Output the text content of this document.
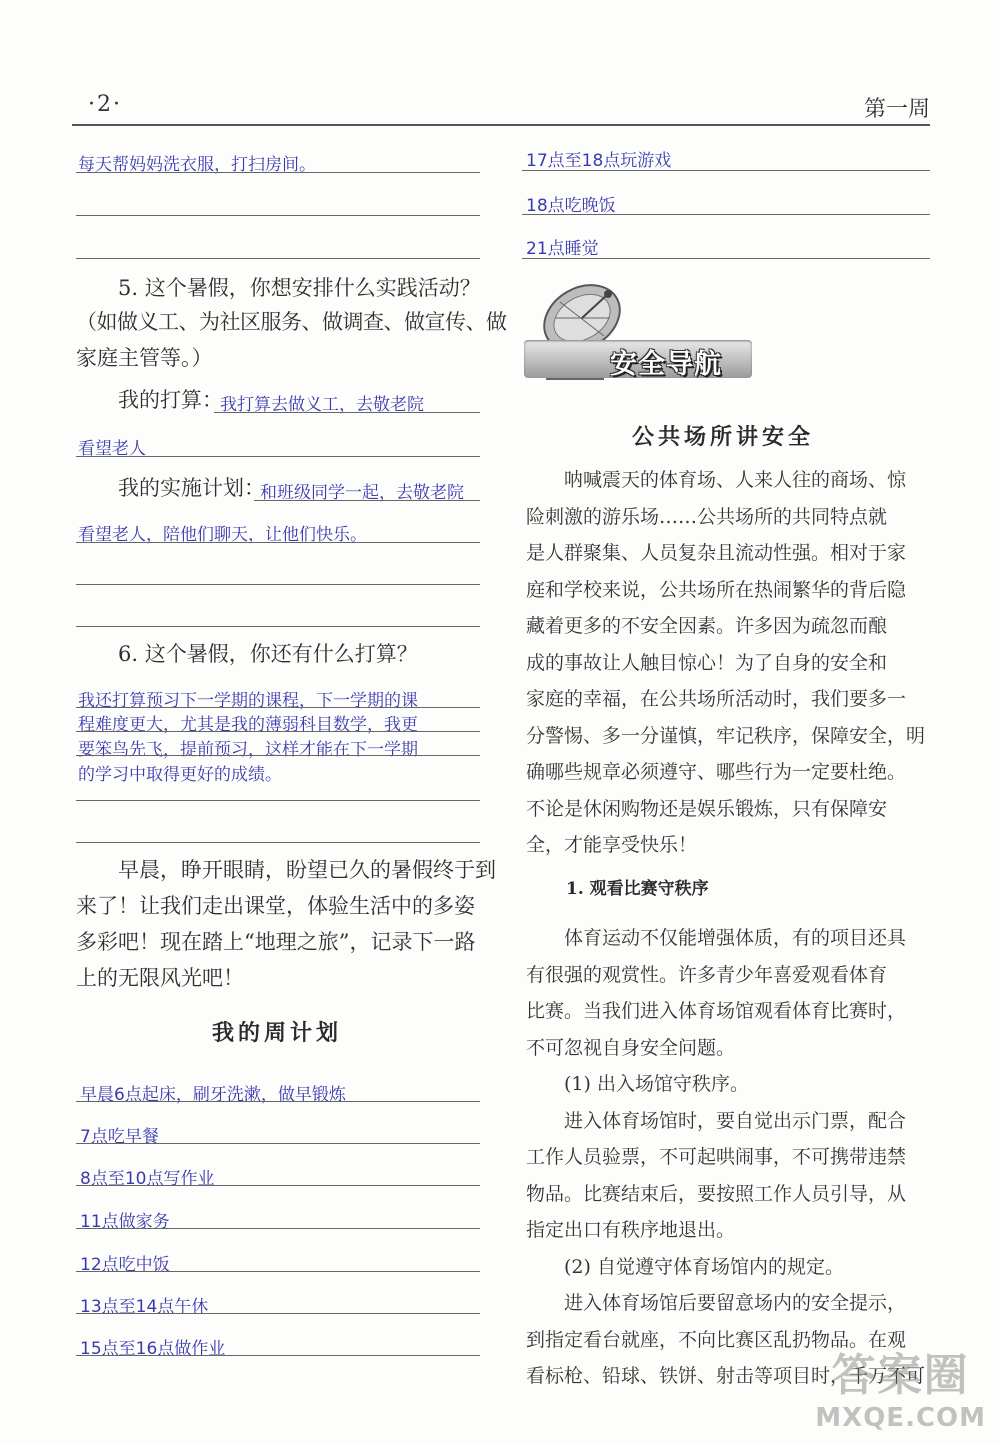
·2·	第一周
每天帮妈妈洗衣服，打扫房间。
5. 这个暑假，你想安排什么实践活动？
（如做义工、为社区服务、做调查、做宣传、做
家庭主管等。）
我的打算：
我打算去做义工，去敬老院
看望老人
我的实施计划：
和班级同学一起，去敬老院
看望老人，陪他们聊天，让他们快乐。
6. 这个暑假，你还有什么打算？
我还打算预习下一学期的课程，下一学期的课
程难度更大，尤其是我的薄弱科目数学，我更
要笨鸟先飞，提前预习，这样才能在下一学期
的学习中取得更好的成绩。
早晨，睁开眼睛，盼望已久的暑假终于到
来了！让我们走出课堂，体验生活中的多姿
多彩吧！现在踏上“地理之旅”，记录下一路
上的无限风光吧！
我的周计划
早晨6点起床，刷牙洗漱，做早锻炼
7点吃早餐
8点至10点写作业
11点做家务
12点吃中饭
13点至14点午休
15点至16点做作业
17点至18点玩游戏
18点吃晚饭
21点睡觉
安全导航
公共场所讲安全
呐喊震天的体育场、人来人往的商场、惊
险刺激的游乐场……公共场所的共同特点就
是人群聚集、人员复杂且流动性强。相对于家
庭和学校来说，公共场所在热闹繁华的背后隐
藏着更多的不安全因素。许多因为疏忽而酿
成的事故让人触目惊心！为了自身的安全和
家庭的幸福，在公共场所活动时，我们要多一
分警惕、多一分谨慎，牢记秩序，保障安全，明
确哪些规章必须遵守、哪些行为一定要杜绝。
不论是休闲购物还是娱乐锻炼，只有保障安
全，才能享受快乐！
1. 观看比赛守秩序
体育运动不仅能增强体质，有的项目还具
有很强的观赏性。许多青少年喜爱观看体育
比赛。当我们进入体育场馆观看体育比赛时，
不可忽视自身安全问题。
(1) 出入场馆守秩序。
进入体育场馆时，要自觉出示门票，配合
工作人员验票，不可起哄闹事，不可携带违禁
物品。比赛结束后，要按照工作人员引导，从
指定出口有秩序地退出。
(2) 自觉遵守体育场馆内的规定。
进入体育场馆后要留意场内的安全提示，
到指定看台就座，不向比赛区乱扔物品。在观
看标枪、铅球、铁饼、射击等项目时，千万不可
答案圈
MXQE.COM
